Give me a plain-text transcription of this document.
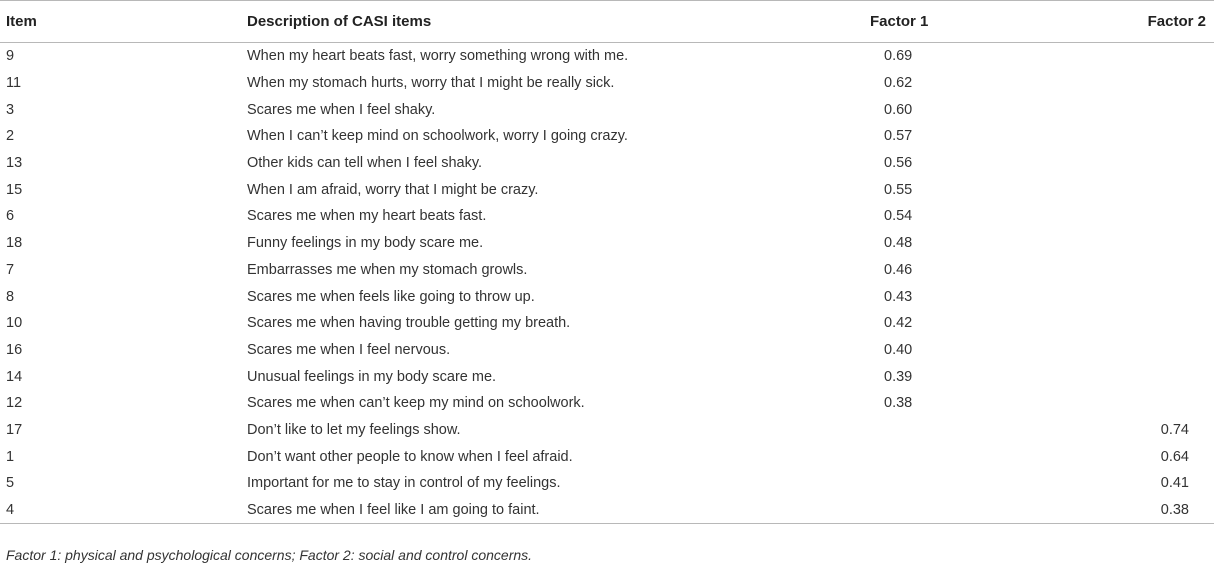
Item	Description of CASI items	Factor 1	Factor 2
9	When my heart beats fast, worry something wrong with me.	0.69	
11	When my stomach hurts, worry that I might be really sick.	0.62	
3	Scares me when I feel shaky.	0.60	
2	When I can’t keep mind on schoolwork, worry I going crazy.	0.57	
13	Other kids can tell when I feel shaky.	0.56	
15	When I am afraid, worry that I might be crazy.	0.55	
6	Scares me when my heart beats fast.	0.54	
18	Funny feelings in my body scare me.	0.48	
7	Embarrasses me when my stomach growls.	0.46	
8	Scares me when feels like going to throw up.	0.43	
10	Scares me when having trouble getting my breath.	0.42	
16	Scares me when I feel nervous.	0.40	
14	Unusual feelings in my body scare me.	0.39	
12	Scares me when can’t keep my mind on schoolwork.	0.38	
17	Don’t like to let my feelings show.		0.74
1	Don’t want other people to know when I feel afraid.		0.64
5	Important for me to stay in control of my feelings.		0.41
4	Scares me when I feel like I am going to faint.		0.38

Factor 1: physical and psychological concerns; Factor 2: social and control concerns.
